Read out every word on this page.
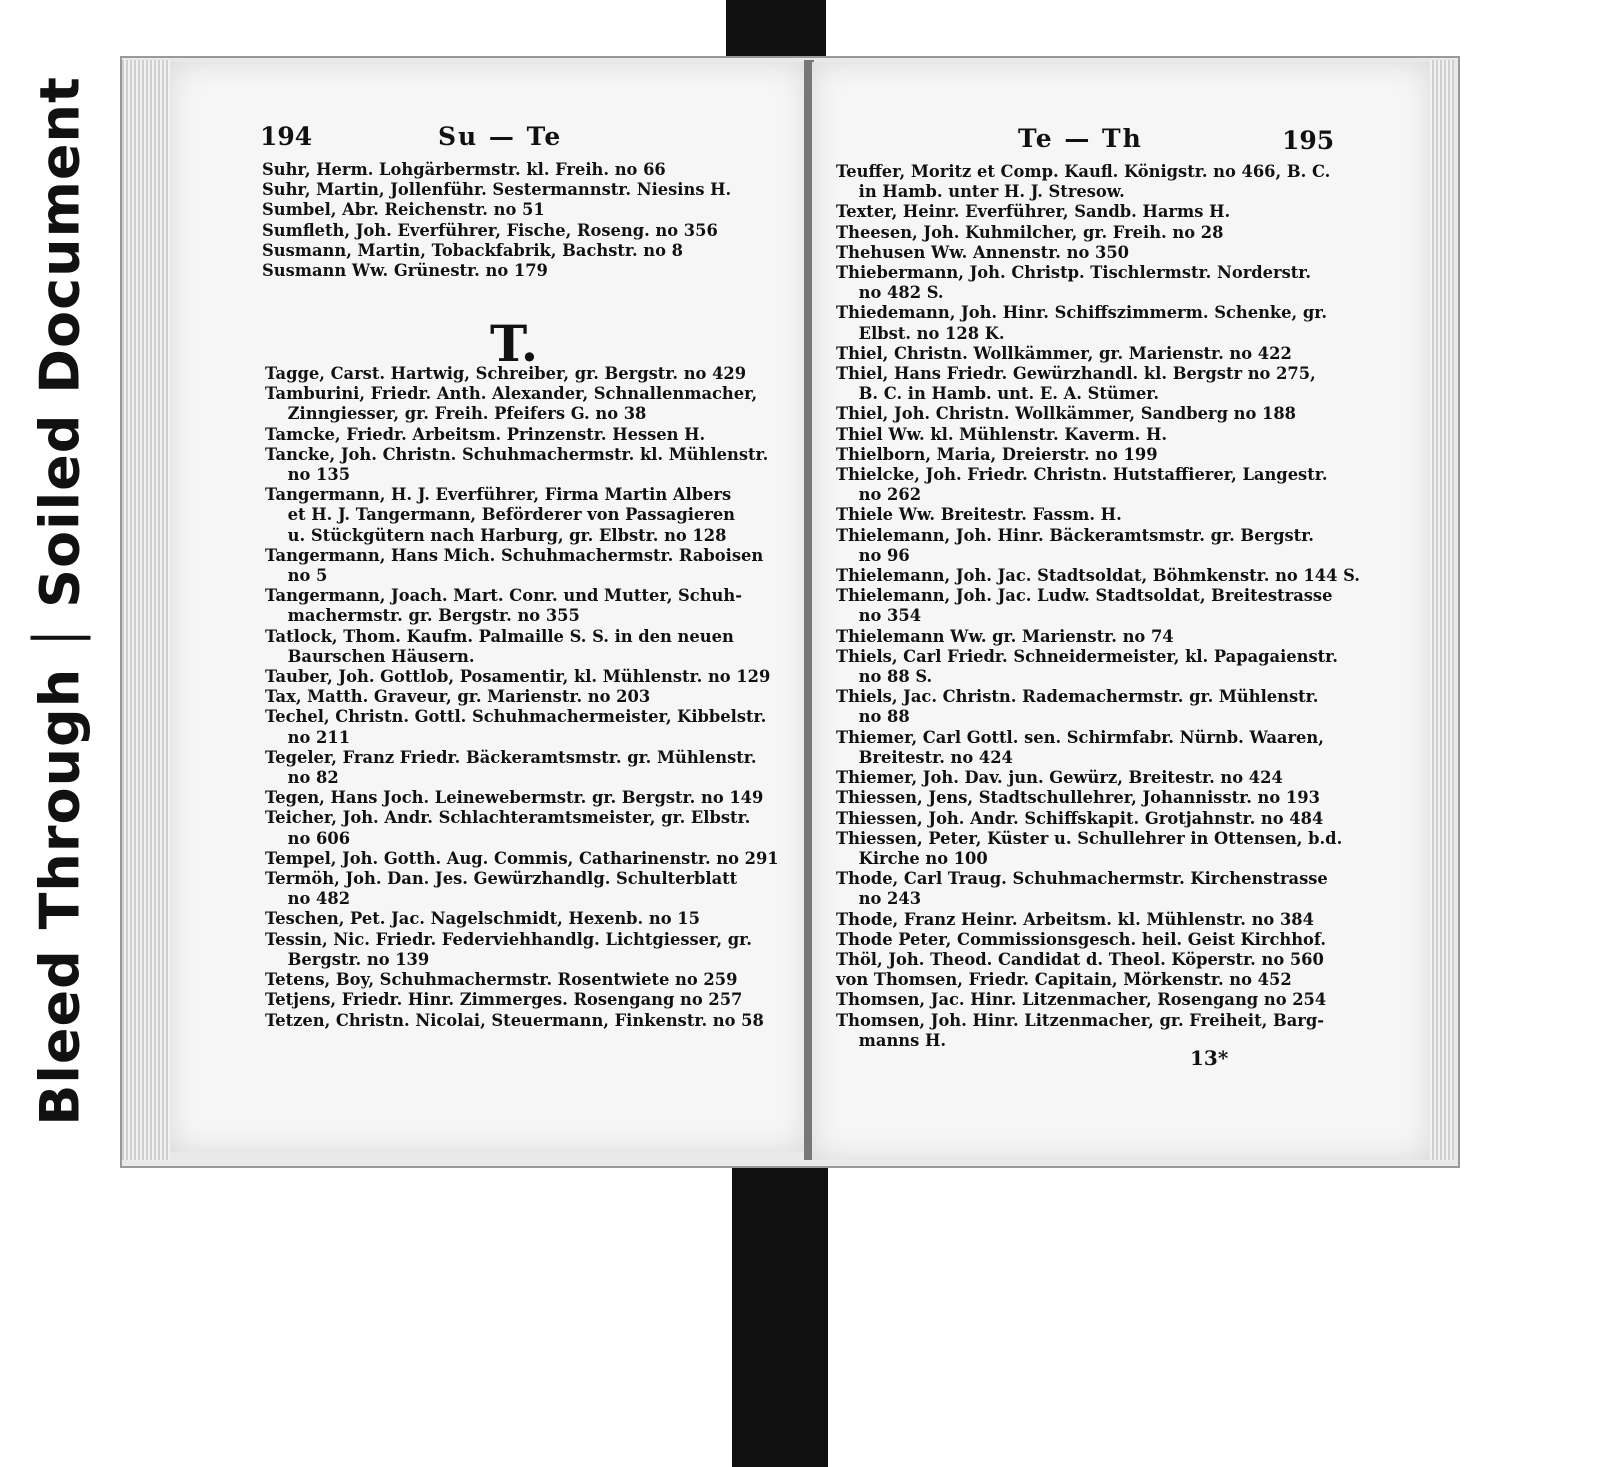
Bleed Through
Soiled Document	194	Su — Te
Suhr, Herm. Lohgärbermstr. kl. Freih. no 66
Suhr, Martin, Jollenführ. Sestermannstr. Niesins H.
Sumbel, Abr. Reichenstr. no 51
Sumfleth, Joh. Everführer, Fische, Roseng. no 356
Susmann, Martin, Tobackfabrik, Bachstr. no 8
Susmann Ww. Grünestr. no 179
T.
Tagge, Carst. Hartwig, Schreiber, gr. Bergstr. no 429
Tamburini, Friedr. Anth. Alexander, Schnallenmacher,
Zinngiesser, gr. Freih. Pfeifers G. no 38
Tamcke, Friedr. Arbeitsm. Prinzenstr. Hessen H.
Tancke, Joh. Christn. Schuhmachermstr. kl. Mühlenstr.
no 135
Tangermann, H. J. Everführer, Firma Martin Albers
et H. J. Tangermann, Beförderer von Passagieren
u. Stückgütern nach Harburg, gr. Elbstr. no 128
Tangermann, Hans Mich. Schuhmachermstr. Raboisen
no 5
Tangermann, Joach. Mart. Conr. und Mutter, Schuh-
machermstr. gr. Bergstr. no 355
Tatlock, Thom. Kaufm. Palmaille S. S. in den neuen
Baurschen Häusern.
Tauber, Joh. Gottlob, Posamentir, kl. Mühlenstr. no 129
Tax, Matth. Graveur, gr. Marienstr. no 203
Techel, Christn. Gottl. Schuhmachermeister, Kibbelstr.
no 211
Tegeler, Franz Friedr. Bäckeramtsmstr. gr. Mühlenstr.
no 82
Tegen, Hans Joch. Leineweberm͏str. gr. Bergstr. no 149
Teicher, Joh. Andr. Schlachteramtsmeister, gr. Elbstr.
no 606
Tempel, Joh. Gotth. Aug. Commis, Catharinenstr. no 291
Termöh, Joh. Dan. Jes. Gewürzhandlg. Schulterblatt
no 482
Teschen, Pet. Jac. Nagelschmidt, Hexenb. no 15
Tessin, Nic. Friedr. Federviehhandlg. Lichtgiesser, gr.
Bergstr. no 139
Tetens, Boy, Schuhmachermstr. Rosentwiete no 259
Tetjens, Friedr. Hinr. Zimmerges. Rosengang no 257
Tetzen, Christn. Nicolai, Steuermann, Finkenstr. no 58
Te — Th	195
Teuffer, Moritz et Comp. Kaufl. Königstr. no 466, B. C.
in Hamb. unter H. J. Stresow.
Texter, Heinr. Everführer, Sandb. Harms H.
Theesen, Joh. Kuhmilcher, gr. Freih. no 28
Thehusen Ww. Annenstr. no 350
Thiebermann, Joh. Christp. Tischlermstr. Norderstr.
no 482 S.
Thiedemann, Joh. Hinr. Schiffszimmerm. Schenke, gr.
Elbst. no 128 K.
Thiel, Christn. Wollkämmer, gr. Marienstr. no 422
Thiel, Hans Friedr. Gewürzhandl. kl. Bergstr no 275,
B. C. in Hamb. unt. E. A. Stümer.
Thiel, Joh. Christn. Wollkämmer, Sandberg no 188
Thiel Ww. kl. Mühlenstr. Kaverm. H.
Thielborn, Maria, Dreierstr. no 199
Thielcke, Joh. Friedr. Christn. Hutstaffierer, Langestr.
no 262
Thiele Ww. Breitestr. Fassm. H.
Thielemann, Joh. Hinr. Bäckeramtsmstr. gr. Bergstr.
no 96
Thielemann, Joh. Jac. Stadtsoldat, Böhmkenstr. no 144 S.
Thielemann, Joh. Jac. Ludw. Stadtsoldat, Breitestrasse
no 354
Thielemann Ww. gr. Marienstr. no 74
Thiels, Carl Friedr. Schneidermeister, kl. Papagaienstr.
no 88 S.
Thiels, Jac. Christn. Rademachermstr. gr. Mühlenstr.
no 88
Thiemer, Carl Gottl. sen. Schirmfabr. Nürnb. Waaren,
Breitestr. no 424
Thiemer, Joh. Dav. jun. Gewürz, Breitestr. no 424
Thiessen, Jens, Stadtschullehrer, Johannisstr. no 193
Thiessen, Joh. Andr. Schiffskapit. Grotjahnstr. no 484
Thiessen, Peter, Küster u. Schullehrer in Ottensen, b.d.
Kirche no 100
Thode, Carl Traug. Schuhmachermstr. Kirchenstrasse
no 243
Thode, Franz Heinr. Arbeitsm. kl. Mühlenstr. no 384
Thode Peter, Commissionsgesch. heil. Geist Kirchhof.
Thöl, Joh. Theod. Candidat d. Theol. Köperstr. no 560
von Thomsen, Friedr. Capitain, Mörkenstr. no 452
Thomsen, Jac. Hinr. Litzenmacher, Rosengang no 254
Thomsen, Joh. Hinr. Litzenmacher, gr. Freiheit, Barg-
manns H.
13*
